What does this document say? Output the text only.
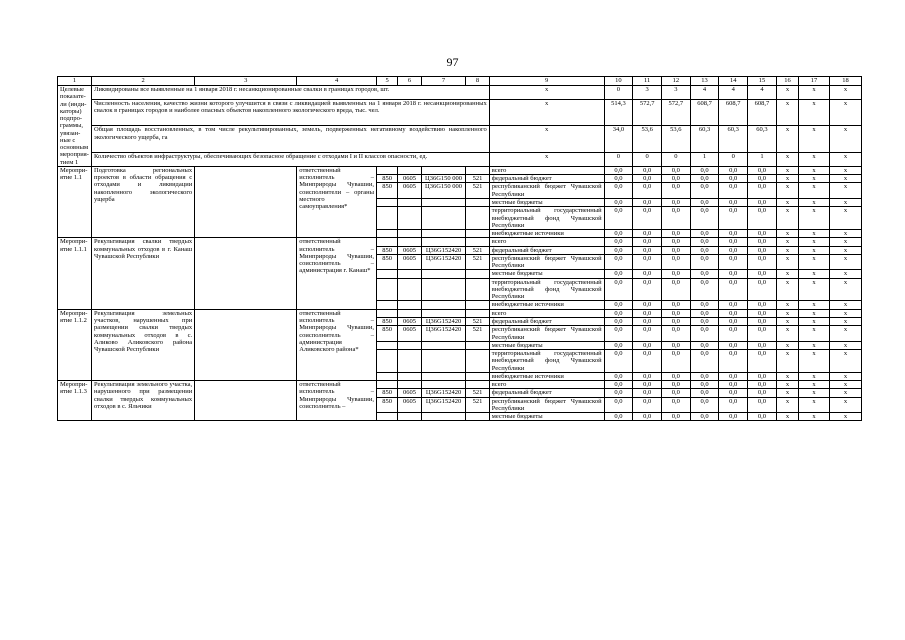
97
1	2	3	4	5	6	7	8	9	10	11	12	13	14	15	16	17	18
Целевые показате-ли (инди-каторы) подпро-граммы, увязан-ные с основным мероприя-тием 1	Ликвидированы все выявленные на 1 января 2018 г. несанкционированные свалки в границах городов, шт.							х	0	3	3	4	4	4	х	х	х
	Численность населения, качество жизни которого улучшится в связи с ликвидацией выявленных на 1 января 2018 г. несанкционированных свалок в границах городов и наиболее опасных объектов накопленного экологического вреда, тыс. чел.							х	514,3	572,7	572,7	608,7	608,7	608,7	х	х	х
	Общая площадь восстановленных, в том числе рекультивированных, земель, подверженных негативному воздействию накопленного экологического ущерба, га							х	34,0	53,6	53,6	60,3	60,3	60,3	х	х	х
	Количество объектов инфраструктуры, обеспечивающих безопасное обращение с отходами I и II классов опасности, ед.							х	0	0	0	1	0	1	х	х	х
Меропри-ятие 1.1	Подготовка региональных проектов в области обращения с отходами и ликвидации накопленного экологического ущерба		ответственный исполнитель – Минприроды Чувашии, соисполнители – органы местного самоуправления*					всего	0,0	0,0	0,0	0,0	0,0	0,0	х	х	х
				850	0605	Ц36G150 000	521	федеральный бюджет	0,0	0,0	0,0	0,0	0,0	0,0	х	х	х
				850	0605	Ц36G150 000	521	республиканский бюджет Чувашской Республики	0,0	0,0	0,0	0,0	0,0	0,0	х	х	х
								местные бюджеты	0,0	0,0	0,0	0,0	0,0	0,0	х	х	х
								территориальный государственный внебюджетный фонд Чувашской Республики	0,0	0,0	0,0	0,0	0,0	0,0	х	х	х
								внебюджетные источники	0,0	0,0	0,0	0,0	0,0	0,0	х	х	х
Меропри-ятие 1.1.1	Рекультивация свалки твердых коммунальных отходов в г. Канаш Чувашской Республики		ответственный исполнитель – Минприроды Чувашии, соисполнитель – администрация г. Канаш*					всего	0,0	0,0	0,0	0,0	0,0	0,0	х	х	х
				850	0605	Ц36G152420	521	федеральный бюджет	0,0	0,0	0,0	0,0	0,0	0,0	х	х	х
				850	0605	Ц36G152420	521	республиканский бюджет Чувашской Республики	0,0	0,0	0,0	0,0	0,0	0,0	х	х	х
								местные бюджеты	0,0	0,0	0,0	0,0	0,0	0,0	х	х	х
								территориальный государственный внебюджетный фонд Чувашской Республики	0,0	0,0	0,0	0,0	0,0	0,0	х	х	х
								внебюджетные источники	0,0	0,0	0,0	0,0	0,0	0,0	х	х	х
Меропри-ятие 1.1.2	Рекультивация земельных участков, нарушенных при размещении свалки твердых коммунальных отходов в с. Аликово Аликовского района Чувашской Республики		ответственный исполнитель – Минприроды Чувашии, соисполнитель – администрация Аликовского района*					всего	0,0	0,0	0,0	0,0	0,0	0,0	х	х	х
				850	0605	Ц36G152420	521	федеральный бюджет	0,0	0,0	0,0	0,0	0,0	0,0	х	х	х
				850	0605	Ц36G152420	521	республиканский бюджет Чувашской Республики	0,0	0,0	0,0	0,0	0,0	0,0	х	х	х
								местные бюджеты	0,0	0,0	0,0	0,0	0,0	0,0	х	х	х
								территориальный государственный внебюджетный фонд Чувашской Республики	0,0	0,0	0,0	0,0	0,0	0,0	х	х	х
								внебюджетные источники	0,0	0,0	0,0	0,0	0,0	0,0	х	х	х
Меропри-ятие 1.1.3	Рекультивация земельного участка, нарушенного при размещении свалки твердых коммунальных отходов в с. Яльчики		ответственный исполнитель – Минприроды Чувашии, соисполнитель –					всего	0,0	0,0	0,0	0,0	0,0	0,0	х	х	х
				850	0605	Ц36G152420	521	федеральный бюджет	0,0	0,0	0,0	0,0	0,0	0,0	х	х	х
				850	0605	Ц36G152420	521	республиканский бюджет Чувашской Республики	0,0	0,0	0,0	0,0	0,0	0,0	х	х	х
								местные бюджеты	0,0	0,0	0,0	0,0	0,0	0,0	х	х	х
